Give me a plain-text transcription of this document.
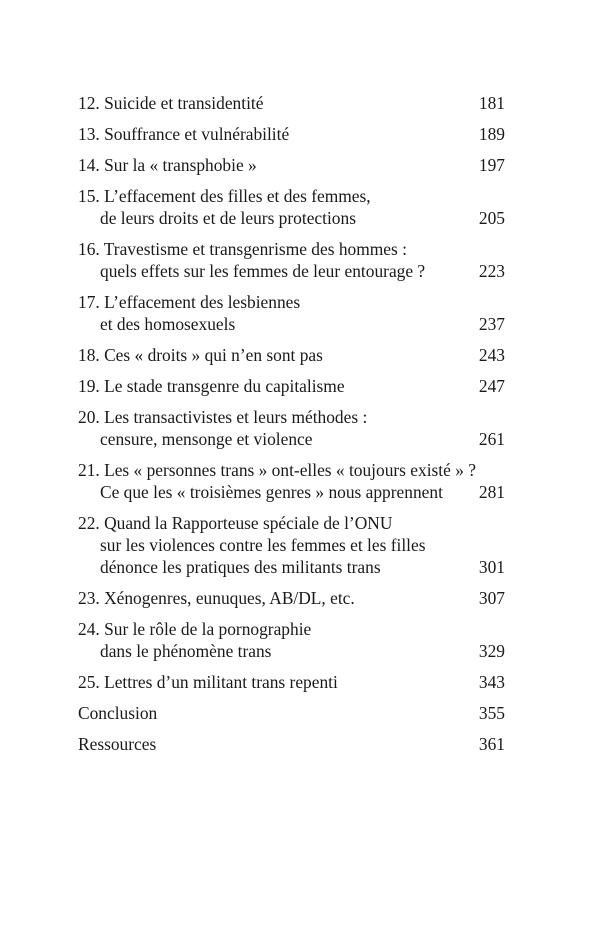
12. Suicide et transidentité	181
13. Souffrance et vulnérabilité	189
14. Sur la « transphobie »	197
15. L’effacement des filles et des femmes,
de leurs droits et de leurs protections	205
16. Travestisme et transgenrisme des hommes :
quels effets sur les femmes de leur entourage ?	223
17. L’effacement des lesbiennes
et des homosexuels	237
18. Ces « droits » qui n’en sont pas	243
19. Le stade transgenre du capitalisme	247
20. Les transactivistes et leurs méthodes :
censure, mensonge et violence	261
21. Les « personnes trans » ont-elles « toujours existé » ?
Ce que les « troisièmes genres » nous apprennent	281
22. Quand la Rapporteuse spéciale de l’ONU
sur les violences contre les femmes et les filles
dénonce les pratiques des militants trans	301
23. Xénogenres, eunuques, AB/DL, etc.	307
24. Sur le rôle de la pornographie
dans le phénomène trans	329
25. Lettres d’un militant trans repenti	343
Conclusion	355
Ressources	361
